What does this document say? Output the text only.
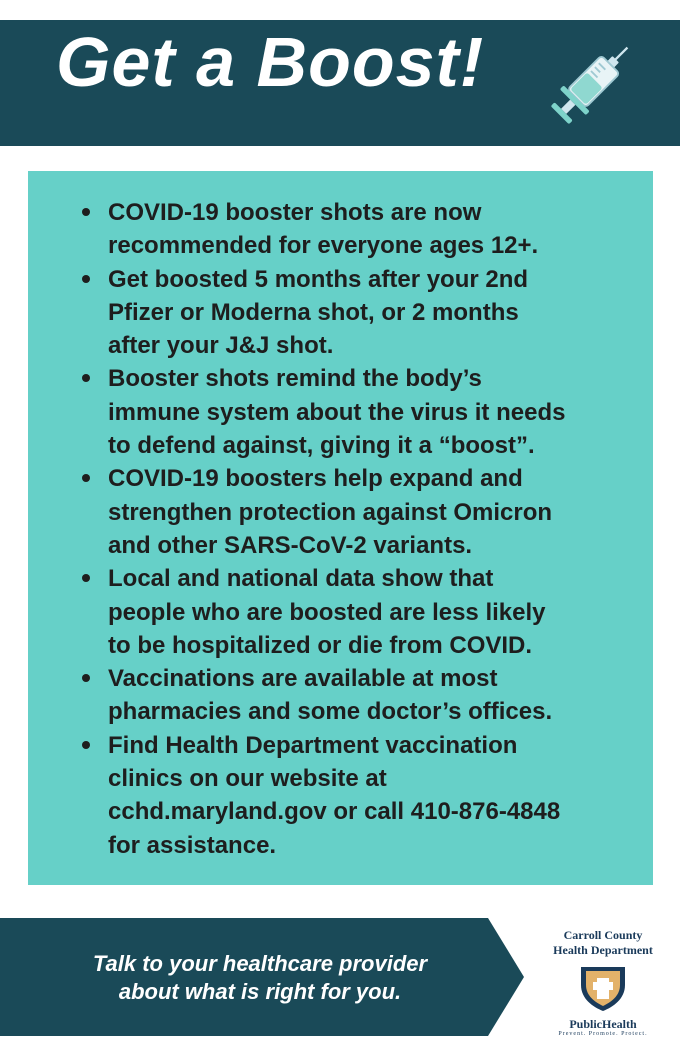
Get a Boost!
COVID-19 booster shots are now
recommended for everyone ages 12+.
Get boosted 5 months after your 2nd
Pfizer or Moderna shot, or 2 months
after your J&J shot.
Booster shots remind the body’s
immune system about the virus it needs
to defend against, giving it a “boost”.
COVID-19 boosters help expand and
strengthen protection against Omicron
and other SARS-CoV-2 variants.
Local and national data show that
people who are boosted are less likely
to be hospitalized or die from COVID.
Vaccinations are available at most
pharmacies and some doctor’s offices.
Find Health Department vaccination
clinics on our website at
cchd.maryland.gov or call 410-876-4848
for assistance.
Talk to your healthcare provider
about what is right for you.
Carroll County
Health Department
PublicHealth
Prevent. Promote. Protect.
